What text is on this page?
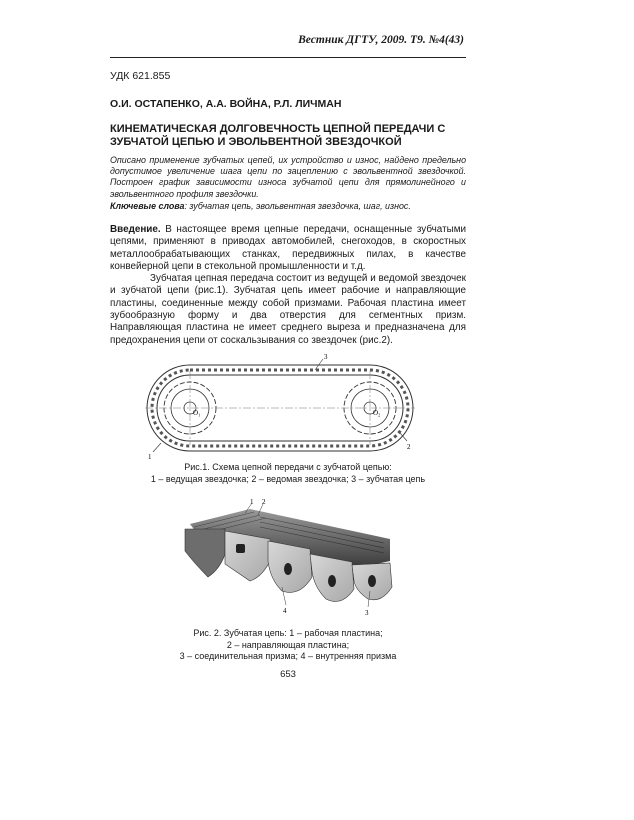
Вестник ДГТУ, 2009. Т9. №4(43)
УДК 621.855
О.И. ОСТАПЕНКО, А.А. ВОЙНА, Р.Л. ЛИЧМАН
КИНЕМАТИЧЕСКАЯ ДОЛГОВЕЧНОСТЬ ЦЕПНОЙ ПЕРЕДАЧИ С ЗУБЧАТОЙ ЦЕПЬЮ И ЭВОЛЬВЕНТНОЙ ЗВЕЗДОЧКОЙ
Описано применение зубчатых цепей, их устройство и износ, найдено предельно допустимое увеличение шага цепи по зацеплению с эвольвентной звездочкой. Построен график зависимости износа зубчатой цепи для прямолинейного и эвольвентного профиля звездочки.
Ключевые слова: зубчатая цепь, эвольвентная звездочка, шаг, износ.

Введение. В настоящее время цепные передачи, оснащенные зубчатыми цепями, применяют в приводах автомобилей, снегоходов, в скоростных металлообрабатывающих станках, передвижных пилах, в качестве конвейерной цепи в стекольной промышленности и т.д.

Зубчатая цепная передача состоит из ведущей и ведомой звездочек и зубчатой цепи (рис.1). Зубчатая цепь имеет рабочие и направляющие пластины, соединенные между собой призмами. Рабочая пластина имеет зубообразную форму и два отверстия для сегментных призм. Направляющая пластина не имеет среднего выреза и предназначена для предохранения цепи от соскальзывания со звездочек (рис.2).

O₁	O₂
1
2
3
Рис.1. Схема цепной передачи с зубчатой цепью:
1 – ведущая звездочка; 2 – ведомая звездочка; 3 – зубчатая цепь
1 2
3
4
Рис. 2. Зубчатая цепь: 1 – рабочая пластина;
2 – направляющая пластина;
3 – соединительная призма; 4 – внутренняя призма
653
